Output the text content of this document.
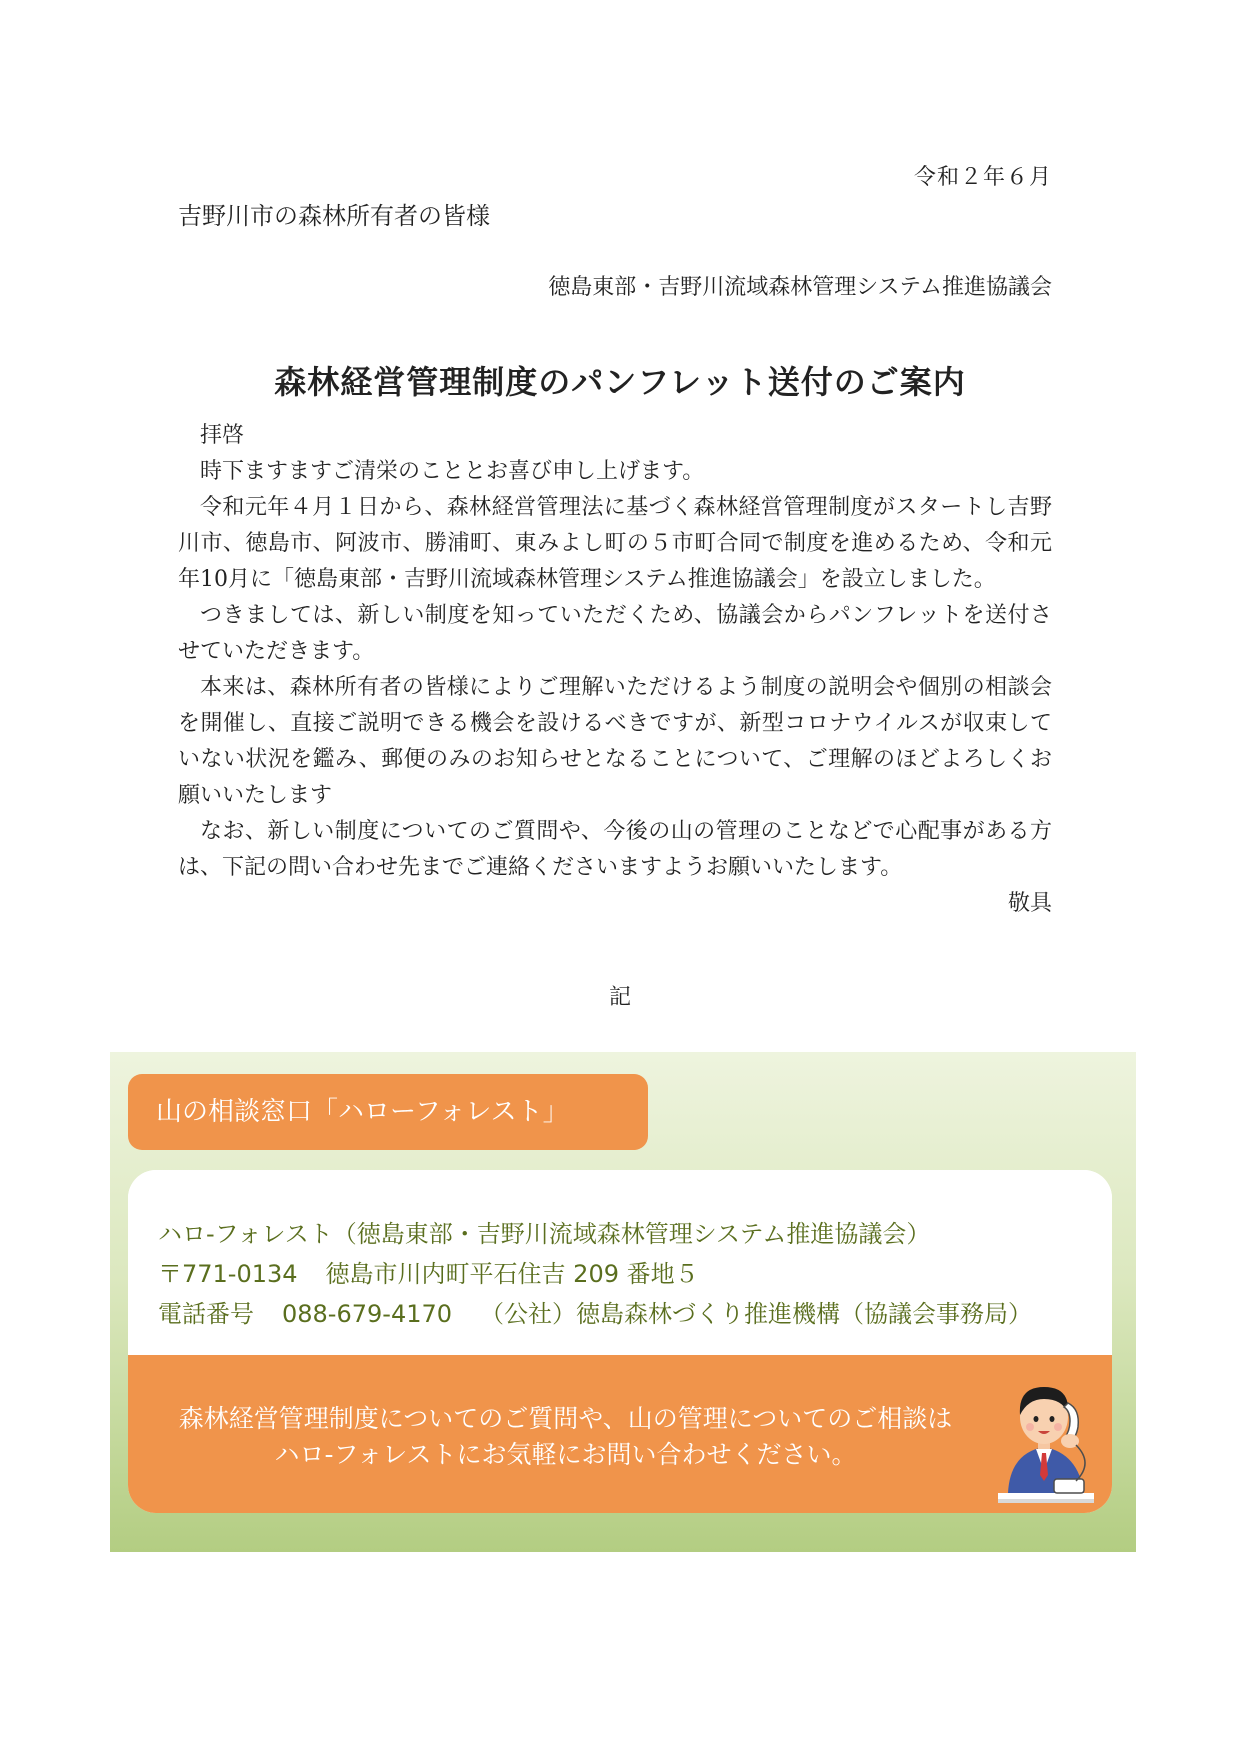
令和２年６月
吉野川市の森林所有者の皆様
徳島東部・吉野川流域森林管理システム推進協議会
森林経営管理制度のパンフレット送付のご案内

拝啓

時下ますますご清栄のこととお喜び申し上げます。

令和元年４月１日から、森林経営管理法に基づく森林経営管理制度がスタートし吉野川市、徳島市、阿波市、勝浦町、東みよし町の５市町合同で制度を進めるため、令和元年10月に「徳島東部・吉野川流域森林管理システム推進協議会」を設立しました。

つきましては、新しい制度を知っていただくため、協議会からパンフレットを送付させていただきます。

本来は、森林所有者の皆様によりご理解いただけるよう制度の説明会や個別の相談会を開催し、直接ご説明できる機会を設けるべきですが、新型コロナウイルスが収束していない状況を鑑み、郵便のみのお知らせとなることについて、ご理解のほどよろしくお願いいたします

なお、新しい制度についてのご質問や、今後の山の管理のことなどで心配事がある方は、下記の問い合わせ先までご連絡くださいますようお願いいたします。

敬具

記
山の相談窓口「ハローフォレスト」
ハロ-フォレスト（徳島東部・吉野川流域森林管理システム推進協議会）
〒771-0134 徳島市川内町平石住吉 209 番地５
電話番号 088-679-4170 （公社）徳島森林づくり推進機構（協議会事務局）
森林経営管理制度についてのご質問や、山の管理についてのご相談は
ハロ-フォレストにお気軽にお問い合わせください。
